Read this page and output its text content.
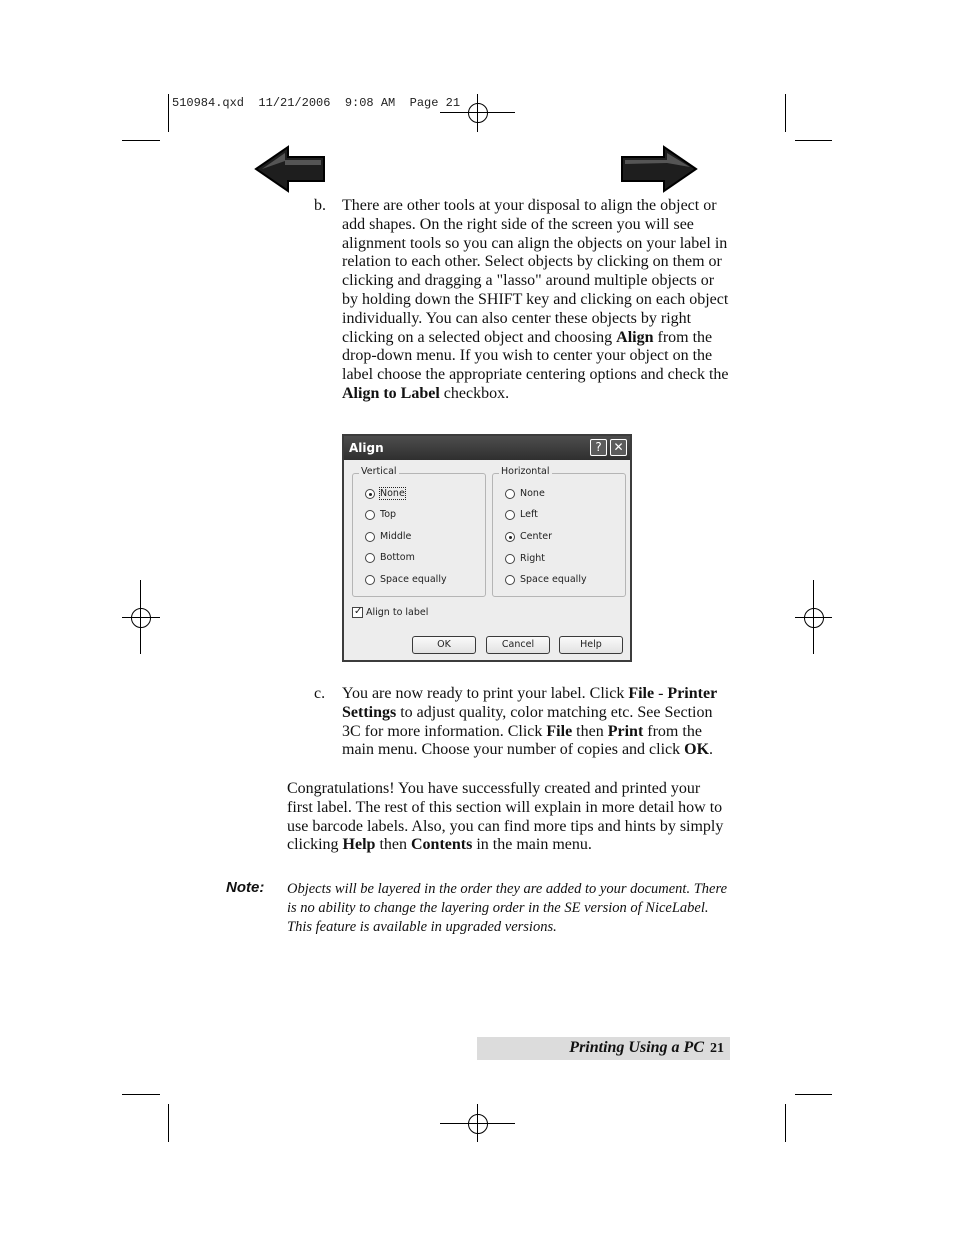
510984.qxd  11/21/2006  9:08 AM  Page 21
b. There are other tools at your disposal to align the object or add shapes. On the right side of the screen you will see alignment tools so you can align the objects on your label in relation to each other. Select objects by clicking on them or clicking and dragging a "lasso" around multiple objects or by holding down the SHIFT key and clicking on each object individually. You can also center these objects by right clicking on a selected object and choosing Align from the drop-down menu. If you wish to center your object on the label choose the appropriate centering options and check the Align to Label checkbox.
Align	? ✕
Vertical
None
Top
Middle
Bottom
Space equally
Horizontal
None
Left
Center
Right
Space equally
✓ Align to label
OK	Cancel	Help
c. You are now ready to print your label. Click File - Printer Settings to adjust quality, color matching etc. See Section 3C for more information. Click File then Print from the main menu. Choose your number of copies and click OK.
Congratulations! You have successfully created and printed your first label. The rest of this section will explain in more detail how to use barcode labels. Also, you can find more tips and hints by simply clicking Help then Contents in the main menu.
Note: Objects will be layered in the order they are added to your document. There is no ability to change the layering order in the SE version of NiceLabel. This feature is available in upgraded versions.
Printing Using a PC 21
